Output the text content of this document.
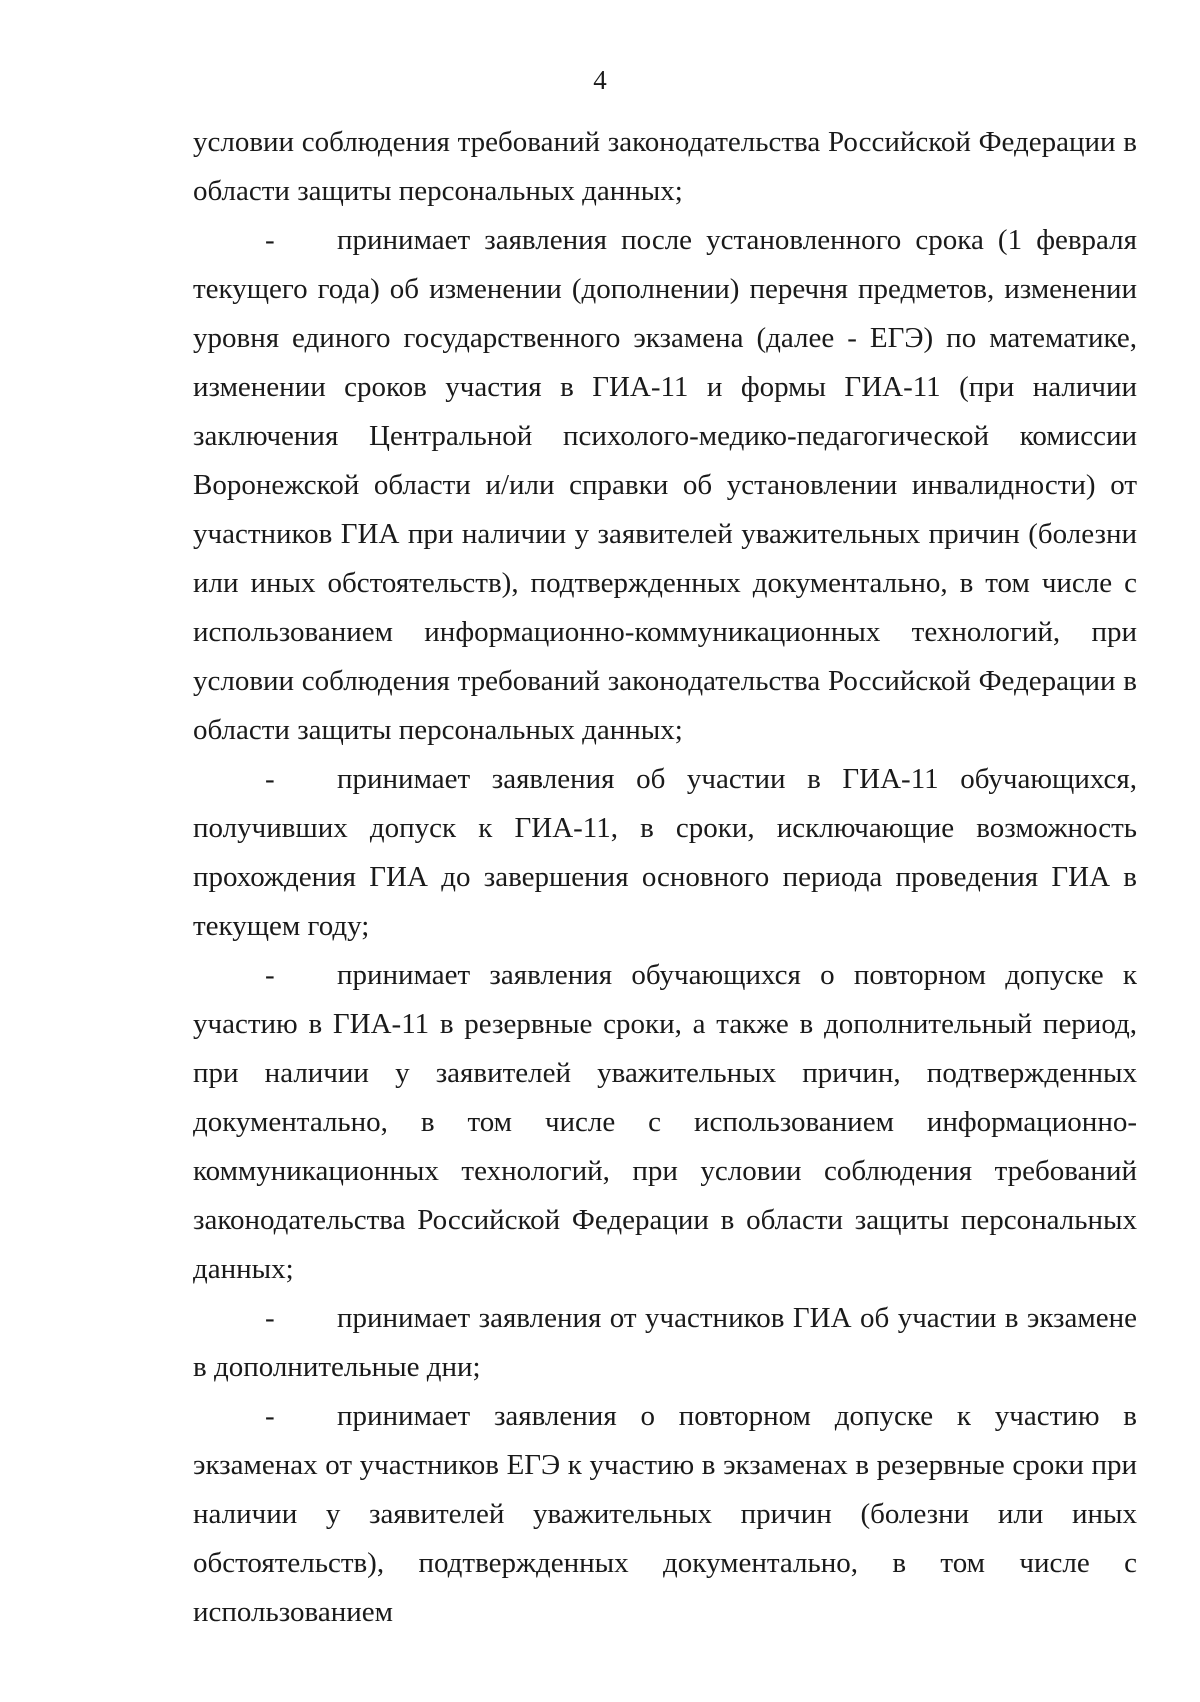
4

условии соблюдения требований законодательства Российской Федерации в области защиты персональных данных;

- принимает заявления после установленного срока (1 февраля текущего года) об изменении (дополнении) перечня предметов, изменении уровня единого государственного экзамена (далее - ЕГЭ) по математике, изменении сроков участия в ГИА-11 и формы ГИА-11 (при наличии заключения Центральной психолого-медико-педагогической комиссии Воронежской области и/или справки об установлении инвалидности) от участников ГИА при наличии у заявителей уважительных причин (болезни или иных обстоятельств), подтвержденных документально, в том числе с использованием информационно-коммуникационных технологий, при условии соблюдения требований законодательства Российской Федерации в области защиты персональных данных;

- принимает заявления об участии в ГИА-11 обучающихся, получивших допуск к ГИА-11, в сроки, исключающие возможность прохождения ГИА до завершения основного периода проведения ГИА в текущем году;

- принимает заявления обучающихся о повторном допуске к участию в ГИА-11 в резервные сроки, а также в дополнительный период, при наличии у заявителей уважительных причин, подтвержденных документально, в том числе с использованием информационно-коммуникационных технологий, при условии соблюдения требований законодательства Российской Федерации в области защиты персональных данных;

- принимает заявления от участников ГИА об участии в экзамене в дополнительные дни;

- принимает заявления о повторном допуске к участию в экзаменах от участников ЕГЭ к участию в экзаменах в резервные сроки при наличии у заявителей уважительных причин (болезни или иных обстоятельств), подтвержденных документально, в том числе с использованием
